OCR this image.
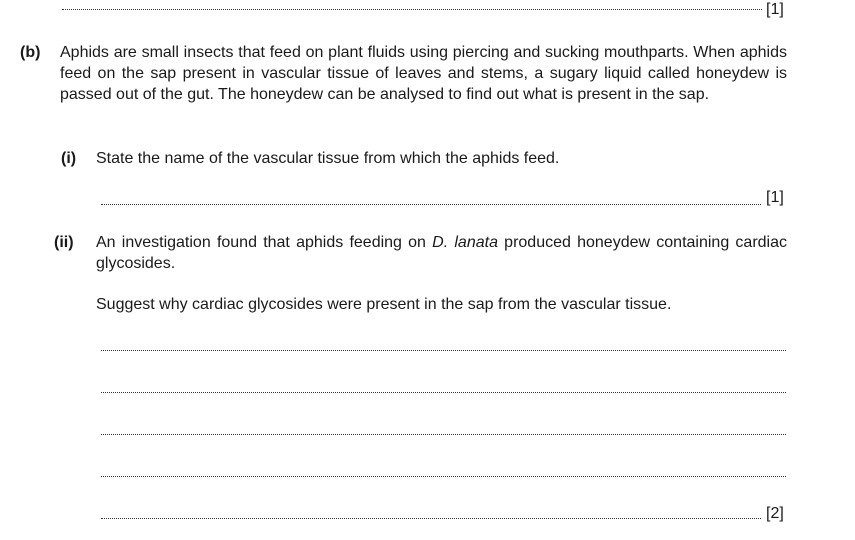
[1]
(b) Aphids are small insects that feed on plant fluids using piercing and sucking mouthparts. When aphids feed on the sap present in vascular tissue of leaves and stems, a sugary liquid called honeydew is passed out of the gut. The honeydew can be analysed to find out what is present in the sap.
(i) State the name of the vascular tissue from which the aphids feed.
[1]
(ii) An investigation found that aphids feeding on D. lanata produced honeydew containing cardiac glycosides.
Suggest why cardiac glycosides were present in the sap from the vascular tissue.
[2]
